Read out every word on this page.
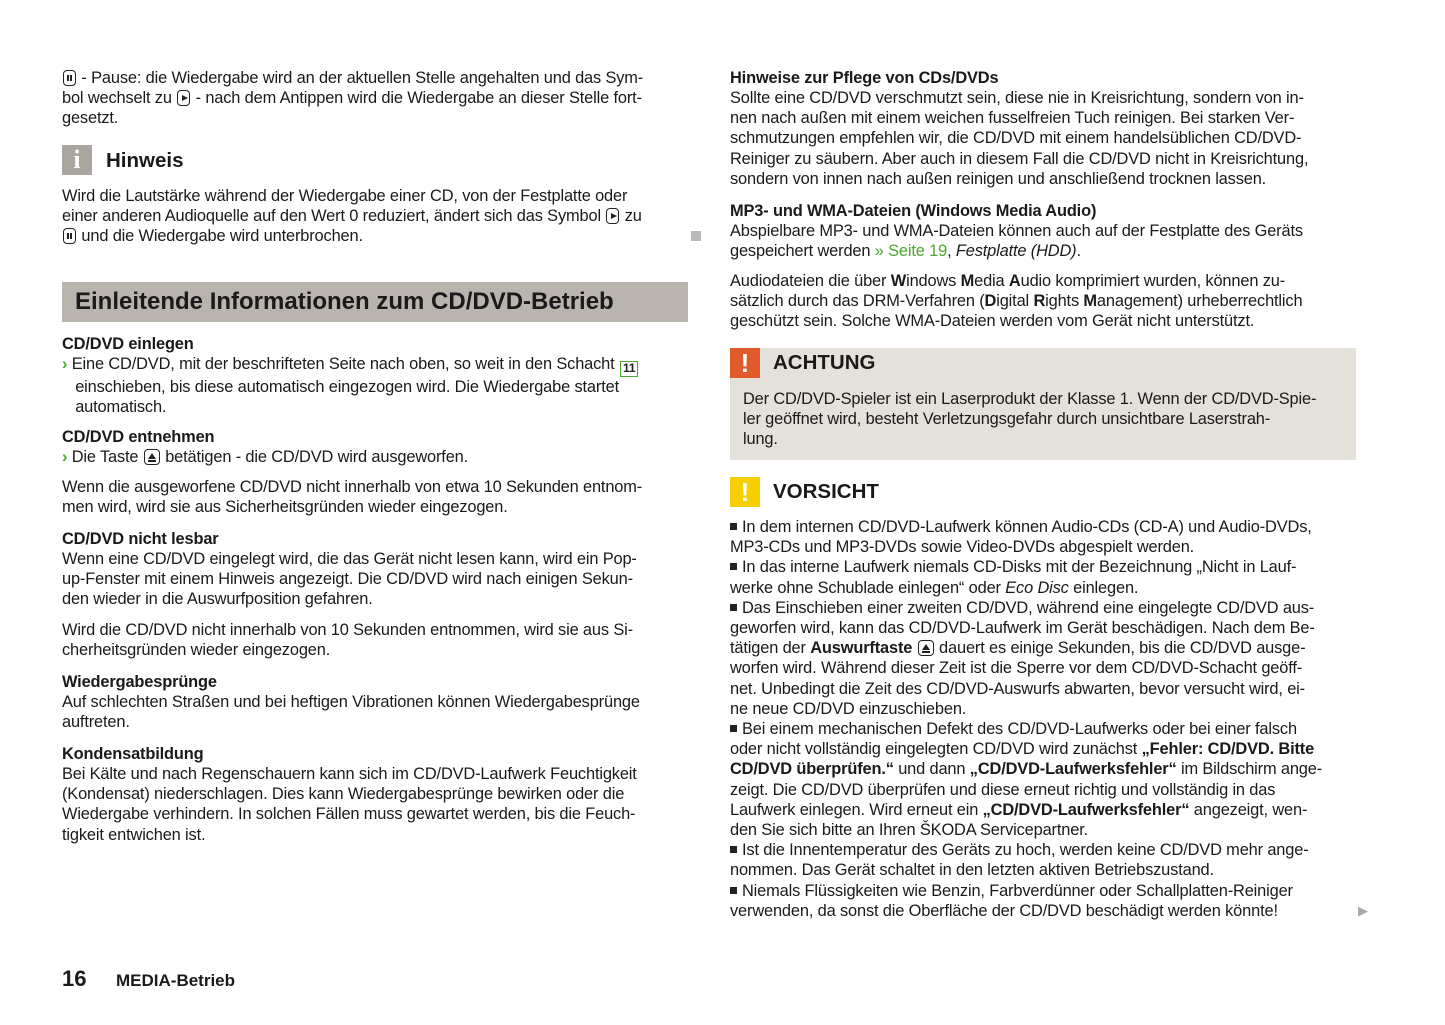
- Pause: die Wiedergabe wird an der aktuellen Stelle angehalten und das Sym-
bol wechselt zu  - nach dem Antippen wird die Wiedergabe an dieser Stelle fort-
gesetzt.
i	Hinweis
Wird die Lautstärke während der Wiedergabe einer CD, von der Festplatte oder
einer anderen Audioquelle auf den Wert 0 reduziert, ändert sich das Symbol  zu
und die Wiedergabe wird unterbrochen.
Einleitende Informationen zum CD/DVD-Betrieb
CD/DVD einlegen
› Eine CD/DVD, mit der beschrifteten Seite nach oben, so weit in den Schacht 11
einschieben, bis diese automatisch eingezogen wird. Die Wiedergabe startet
automatisch.
CD/DVD entnehmen
› Die Taste  betätigen - die CD/DVD wird ausgeworfen.
Wenn die ausgeworfene CD/DVD nicht innerhalb von etwa 10 Sekunden entnom-
men wird, wird sie aus Sicherheitsgründen wieder eingezogen.
CD/DVD nicht lesbar
Wenn eine CD/DVD eingelegt wird, die das Gerät nicht lesen kann, wird ein Pop-
up-Fenster mit einem Hinweis angezeigt. Die CD/DVD wird nach einigen Sekun-
den wieder in die Auswurfposition gefahren.
Wird die CD/DVD nicht innerhalb von 10 Sekunden entnommen, wird sie aus Si-
cherheitsgründen wieder eingezogen.
Wiedergabesprünge
Auf schlechten Straßen und bei heftigen Vibrationen können Wiedergabesprünge
auftreten.
Kondensatbildung
Bei Kälte und nach Regenschauern kann sich im CD/DVD-Laufwerk Feuchtigkeit
(Kondensat) niederschlagen. Dies kann Wiedergabesprünge bewirken oder die
Wiedergabe verhindern. In solchen Fällen muss gewartet werden, bis die Feuch-
tigkeit entwichen ist.
Hinweise zur Pflege von CDs/DVDs
Sollte eine CD/DVD verschmutzt sein, diese nie in Kreisrichtung, sondern von in-
nen nach außen mit einem weichen fusselfreien Tuch reinigen. Bei starken Ver-
schmutzungen empfehlen wir, die CD/DVD mit einem handelsüblichen CD/DVD-
Reiniger zu säubern. Aber auch in diesem Fall die CD/DVD nicht in Kreisrichtung,
sondern von innen nach außen reinigen und anschließend trocknen lassen.
MP3- und WMA-Dateien (Windows Media Audio)
Abspielbare MP3- und WMA-Dateien können auch auf der Festplatte des Geräts
gespeichert werden » Seite 19, Festplatte (HDD).
Audiodateien die über Windows Media Audio komprimiert wurden, können zu-
sätzlich durch das DRM-Verfahren (Digital Rights Management) urheberrechtlich
geschützt sein. Solche WMA-Dateien werden vom Gerät nicht unterstützt.
!	ACHTUNG
Der CD/DVD-Spieler ist ein Laserprodukt der Klasse 1. Wenn der CD/DVD-Spie-
ler geöffnet wird, besteht Verletzungsgefahr durch unsichtbare Laserstrah-
lung.
!	VORSICHT
In dem internen CD/DVD-Laufwerk können Audio-CDs (CD-A) und Audio-DVDs,
MP3-CDs und MP3-DVDs sowie Video-DVDs abgespielt werden.
In das interne Laufwerk niemals CD-Disks mit der Bezeichnung „Nicht in Lauf-
werke ohne Schublade einlegen“ oder Eco Disc einlegen.
Das Einschieben einer zweiten CD/DVD, während eine eingelegte CD/DVD aus-
geworfen wird, kann das CD/DVD-Laufwerk im Gerät beschädigen. Nach dem Be-
tätigen der Auswurftaste  dauert es einige Sekunden, bis die CD/DVD ausge-
worfen wird. Während dieser Zeit ist die Sperre vor dem CD/DVD-Schacht geöff-
net. Unbedingt die Zeit des CD/DVD-Auswurfs abwarten, bevor versucht wird, ei-
ne neue CD/DVD einzuschieben.
Bei einem mechanischen Defekt des CD/DVD-Laufwerks oder bei einer falsch
oder nicht vollständig eingelegten CD/DVD wird zunächst „Fehler: CD/DVD. Bitte
CD/DVD überprüfen.“ und dann „CD/DVD-Laufwerksfehler“ im Bildschirm ange-
zeigt. Die CD/DVD überprüfen und diese erneut richtig und vollständig in das
Laufwerk einlegen. Wird erneut ein „CD/DVD-Laufwerksfehler“ angezeigt, wen-
den Sie sich bitte an Ihren ŠKODA Servicepartner.
Ist die Innentemperatur des Geräts zu hoch, werden keine CD/DVD mehr ange-
nommen. Das Gerät schaltet in den letzten aktiven Betriebszustand.
Niemals Flüssigkeiten wie Benzin, Farbverdünner oder Schallplatten-Reiniger
verwenden, da sonst die Oberfläche der CD/DVD beschädigt werden könnte!	▶
16 MEDIA-Betrieb
